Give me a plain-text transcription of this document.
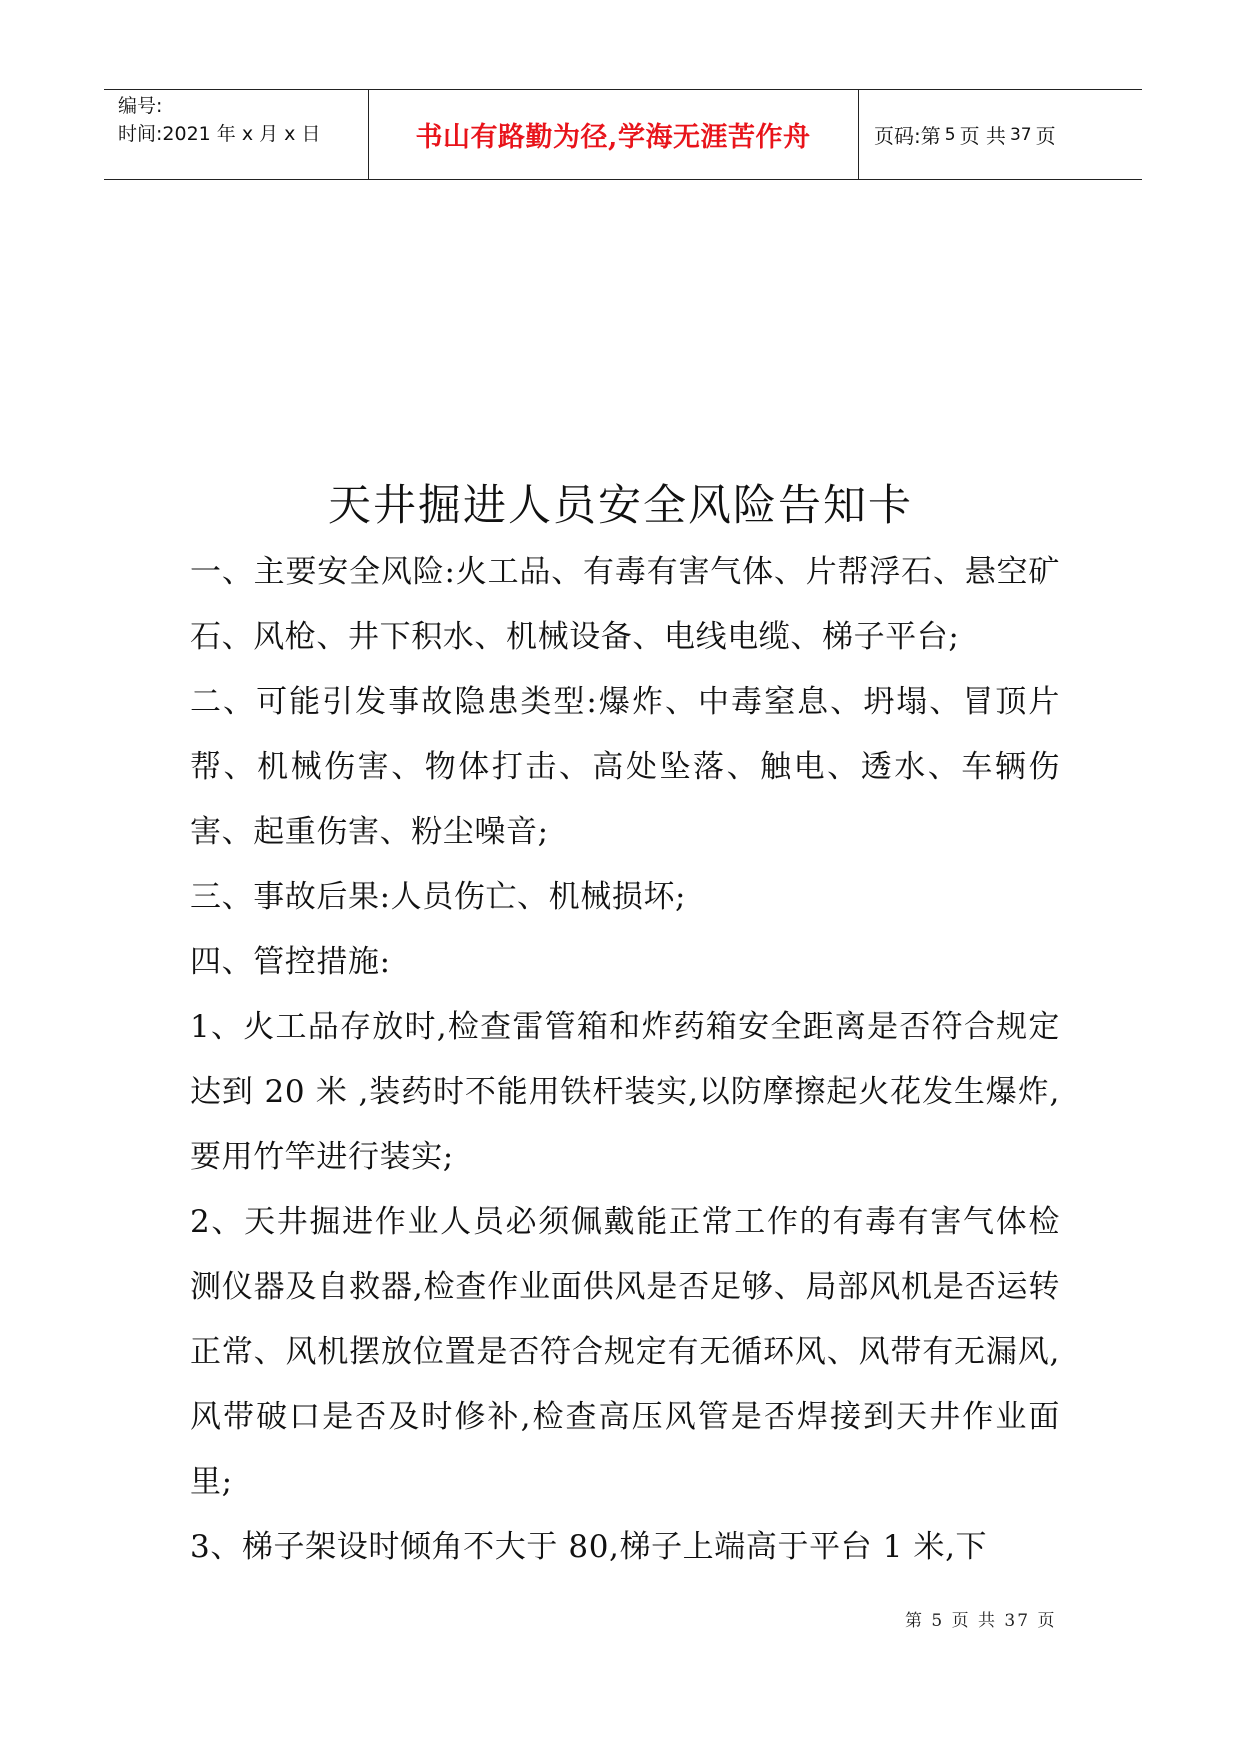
编号:
时间:2021 年 x 月 x 日	书山有路勤为径,学海无涯苦作舟	页码:第 5 页 共 37 页
天井掘进人员安全风险告知卡

一、主要安全风险:火工品、有毒有害气体、片帮浮石、悬空矿石、风枪、井下积水、机械设备、电线电缆、梯子平台;

二、可能引发事故隐患类型:爆炸、中毒窒息、坍塌、冒顶片帮、机械伤害、物体打击、高处坠落、触电、透水、车辆伤害、起重伤害、粉尘噪音;

三、事故后果:人员伤亡、机械损坏;

四、管控措施:

1、火工品存放时,检查雷管箱和炸药箱安全距离是否符合规定达到 20 米 ,装药时不能用铁杆装实,以防摩擦起火花发生爆炸,要用竹竿进行装实;

2、天井掘进作业人员必须佩戴能正常工作的有毒有害气体检测仪器及自救器,检查作业面供风是否足够、局部风机是否运转正常、风机摆放位置是否符合规定有无循环风、风带有无漏风,风带破口是否及时修补,检查高压风管是否焊接到天井作业面里;

3、梯子架设时倾角不大于 80,梯子上端高于平台 1 米,下

第 5 页 共 37 页
